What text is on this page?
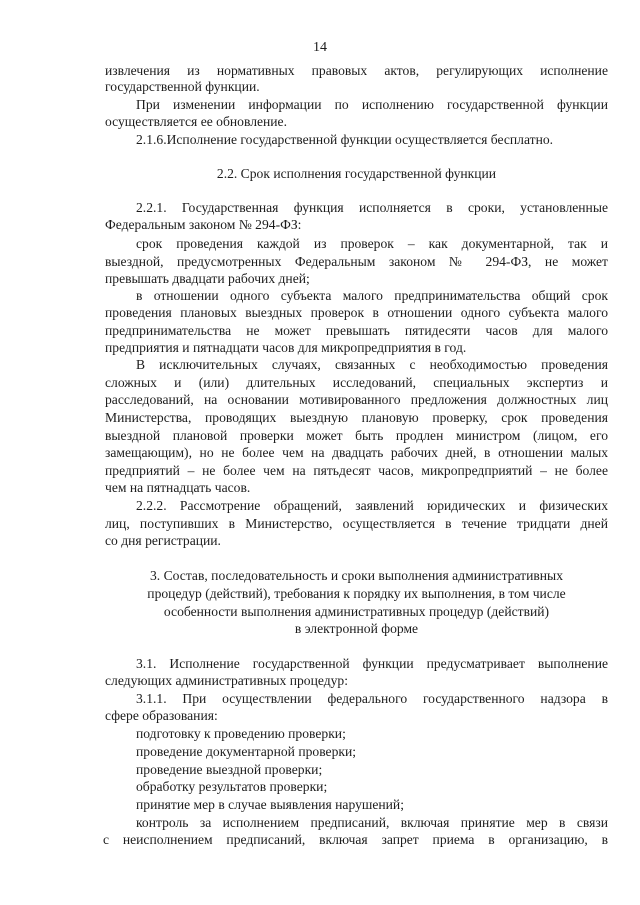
14
извлечения из нормативных правовых актов, регулирующих исполнение
государственной функции.
При изменении информации по исполнению государственной функции
осуществляется ее обновление.
2.1.6.Исполнение государственной функции осуществляется бесплатно.
2.2. Срок исполнения государственной функции
2.2.1. Государственная функция исполняется в сроки, установленные
Федеральным законом № 294-ФЗ:
срок проведения каждой из проверок – как документарной, так и
выездной, предусмотренных Федеральным законом № 294-ФЗ, не может
превышать двадцати рабочих дней;
в отношении одного субъекта малого предпринимательства общий срок
проведения плановых выездных проверок в отношении одного субъекта малого
предпринимательства не может превышать пятидесяти часов для малого
предприятия и пятнадцати часов для микропредприятия в год.
В исключительных случаях, связанных с необходимостью проведения
сложных и (или) длительных исследований, специальных экспертиз и
расследований, на основании мотивированного предложения должностных лиц
Министерства, проводящих выездную плановую проверку, срок проведения
выездной плановой проверки может быть продлен министром (лицом, его
замещающим), но не более чем на двадцать рабочих дней, в отношении малых
предприятий – не более чем на пятьдесят часов, микропредприятий – не более
чем на пятнадцать часов.
2.2.2. Рассмотрение обращений, заявлений юридических и физических
лиц, поступивших в Министерство, осуществляется в течение тридцати дней
со дня регистрации.
3. Состав, последовательность и сроки выполнения административных
процедур (действий), требования к порядку их выполнения, в том числе
особенности выполнения административных процедур (действий)
в электронной форме
3.1. Исполнение государственной функции предусматривает выполнение
следующих административных процедур:
3.1.1. При осуществлении федерального государственного надзора в
сфере образования:
подготовку к проведению проверки;
проведение документарной проверки;
проведение выездной проверки;
обработку результатов проверки;
принятие мер в случае выявления нарушений;
контроль за исполнением предписаний, включая принятие мер в связи
с неисполнением предписаний, включая запрет приема в организацию, в
